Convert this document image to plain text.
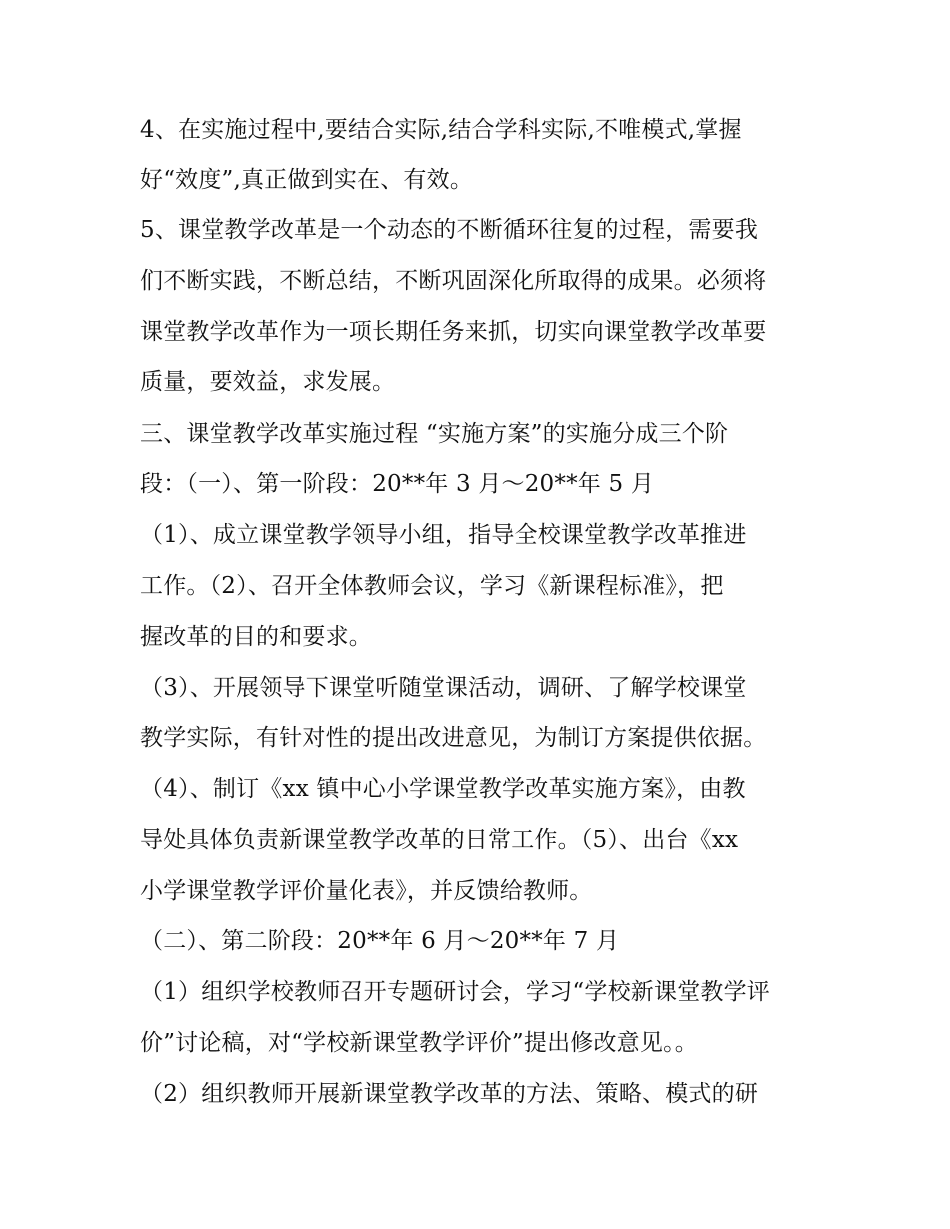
4、在实施过程中,要结合实际,结合学科实际,不唯模式,掌握
好“效度”,真正做到实在、有效。
5、课堂教学改革是一个动态的不断循环往复的过程，需要我
们不断实践，不断总结，不断巩固深化所取得的成果。必须将
课堂教学改革作为一项长期任务来抓，切实向课堂教学改革要
质量，要效益，求发展。
三、课堂教学改革实施过程 “实施方案”的实施分成三个阶
段：（一）、第一阶段：20**年 3 月～20**年 5 月
（1）、成立课堂教学领导小组，指导全校课堂教学改革推进
工作。（2）、召开全体教师会议，学习《新课程标准》，把
握改革的目的和要求。
（3）、开展领导下课堂听随堂课活动，调研、了解学校课堂
教学实际，有针对性的提出改进意见，为制订方案提供依据。
（4）、制订《xx 镇中心小学课堂教学改革实施方案》，由教
导处具体负责新课堂教学改革的日常工作。（5）、出台《xx
小学课堂教学评价量化表》，并反馈给教师。
（二）、第二阶段：20**年 6 月～20**年 7 月
（1）组织学校教师召开专题研讨会，学习“学校新课堂教学评
价”讨论稿，对“学校新课堂教学评价”提出修改意见。。
（2）组织教师开展新课堂教学改革的方法、策略、模式的研
